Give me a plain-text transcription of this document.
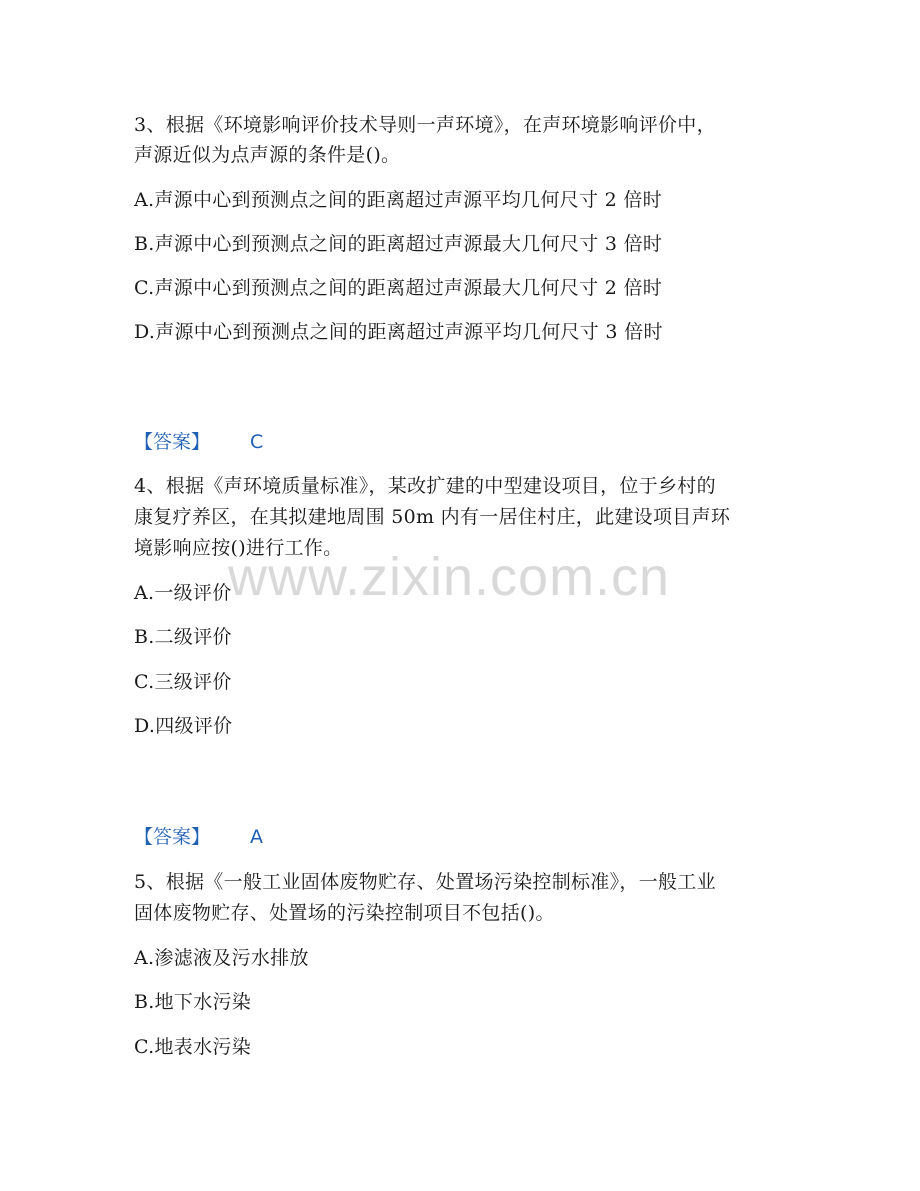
3、根据《环境影响评价技术导则一声环境》，在声环境影响评价中，
声源近似为点声源的条件是()。
A.声源中心到预测点之间的距离超过声源平均几何尺寸 2 倍时
B.声源中心到预测点之间的距离超过声源最大几何尺寸 3 倍时
C.声源中心到预测点之间的距离超过声源最大几何尺寸 2 倍时
D.声源中心到预测点之间的距离超过声源平均几何尺寸 3 倍时
【答案】 C
4、根据《声环境质量标准》，某改扩建的中型建设项目，位于乡村的
康复疗养区，在其拟建地周围 50m 内有一居住村庄，此建设项目声环
境影响应按()进行工作。
A.一级评价
B.二级评价
C.三级评价
D.四级评价
【答案】 A
5、根据《一般工业固体废物贮存、处置场污染控制标准》，一般工业
固体废物贮存、处置场的污染控制项目不包括()。
A.渗滤液及污水排放
B.地下水污染
C.地表水污染
www.zixin.com.cn
